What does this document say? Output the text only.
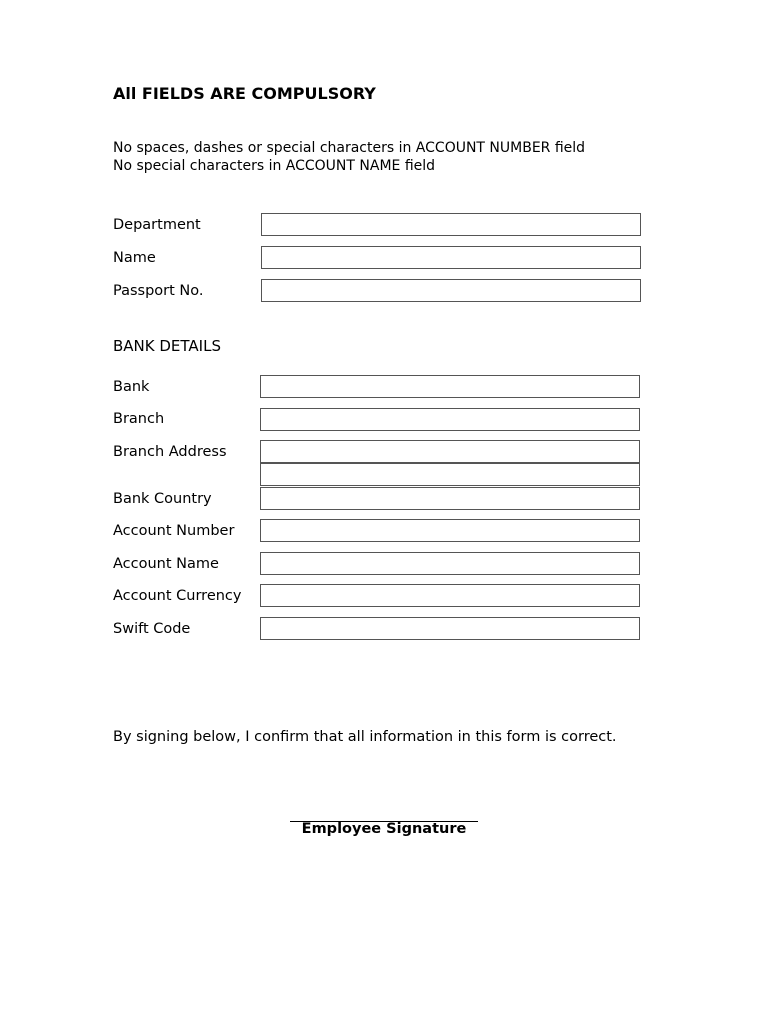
All FIELDS ARE COMPULSORY
No spaces, dashes or special characters in ACCOUNT NUMBER field
No special characters in ACCOUNT NAME field
Department
Name
Passport No.
BANK DETAILS
Bank
Branch
Branch Address
Bank Country
Account Number
Account Name
Account Currency
Swift Code
By signing below, I confirm that all information in this form is correct.
Employee Signature
